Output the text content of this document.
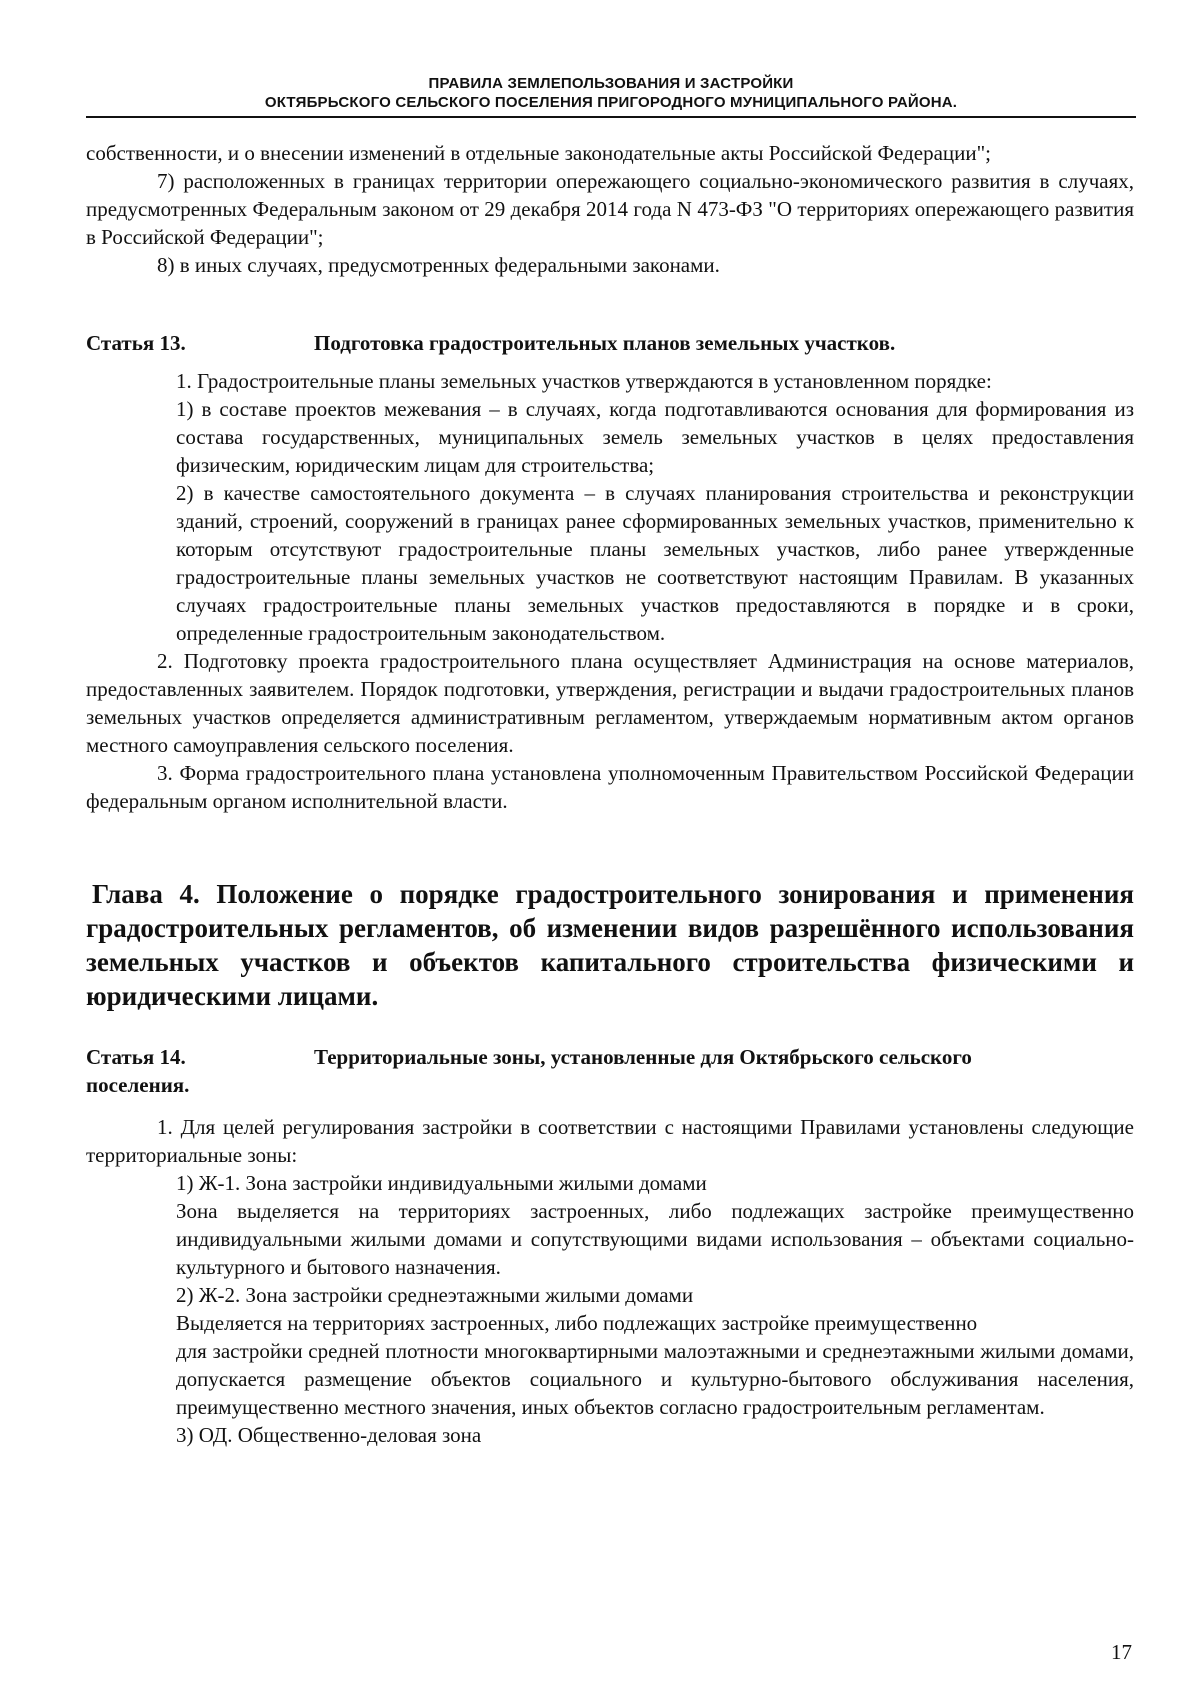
ПРАВИЛА ЗЕМЛЕПОЛЬЗОВАНИЯ И ЗАСТРОЙКИ
ОКТЯБРЬСКОГО СЕЛЬСКОГО ПОСЕЛЕНИЯ ПРИГОРОДНОГО МУНИЦИПАЛЬНОГО РАЙОНА.

собственности, и о внесении изменений в отдельные законодательные акты Российской Федерации";

7) расположенных в границах территории опережающего социально-экономического развития в случаях, предусмотренных Федеральным законом от 29 декабря 2014 года N 473-ФЗ "О территориях опережающего развития в Российской Федерации";

8) в иных случаях, предусмотренных федеральными законами.

Статья 13.	Подготовка градостроительных планов земельных участков.

1. Градостроительные планы земельных участков утверждаются в установленном порядке:

1) в составе проектов межевания – в случаях, когда подготавливаются основания для формирования из состава государственных, муниципальных земель земельных участков в целях предоставления физическим, юридическим лицам для строительства;

2) в качестве самостоятельного документа – в случаях планирования строительства и реконструкции зданий, строений, сооружений в границах ранее сформированных земельных участков, применительно к которым отсутствуют градостроительные планы земельных участков, либо ранее утвержденные градостроительные планы земельных участков не соответствуют настоящим Правилам. В указанных случаях градостроительные планы земельных участков предоставляются в порядке и в сроки, определенные градостроительным законодательством.

2. Подготовку проекта градостроительного плана осуществляет Администрация на основе материалов, предоставленных заявителем. Порядок подготовки, утверждения, регистрации и выдачи градостроительных планов земельных участков определяется административным регламентом, утверждаемым нормативным актом органов местного самоуправления сельского поселения.

3. Форма градостроительного плана установлена уполномоченным Правительством Российской Федерации федеральным органом исполнительной власти.

Глава 4. Положение о порядке градостроительного зонирования и применения градостроительных регламентов, об изменении видов разрешённого использования земельных участков и объектов капитального строительства физическими и юридическими лицами.

Статья 14.	Территориальные зоны, установленные для Октябрьского сельского
поселения.

1. Для целей регулирования застройки в соответствии с настоящими Правилами установлены следующие территориальные зоны:

1) Ж-1. Зона застройки индивидуальными жилыми домами

Зона выделяется на территориях застроенных, либо подлежащих застройке преимущественно индивидуальными жилыми домами и сопутствующими видами использования – объектами социально-культурного и бытового назначения.

2) Ж-2. Зона застройки среднеэтажными жилыми домами

Выделяется на территориях застроенных, либо подлежащих застройке преимущественно

для застройки средней плотности многоквартирными малоэтажными и среднеэтажными жилыми домами, допускается размещение объектов социального и культурно-бытового обслуживания населения, преимущественно местного значения, иных объектов согласно градостроительным регламентам.

3) ОД. Общественно-деловая зона

17
